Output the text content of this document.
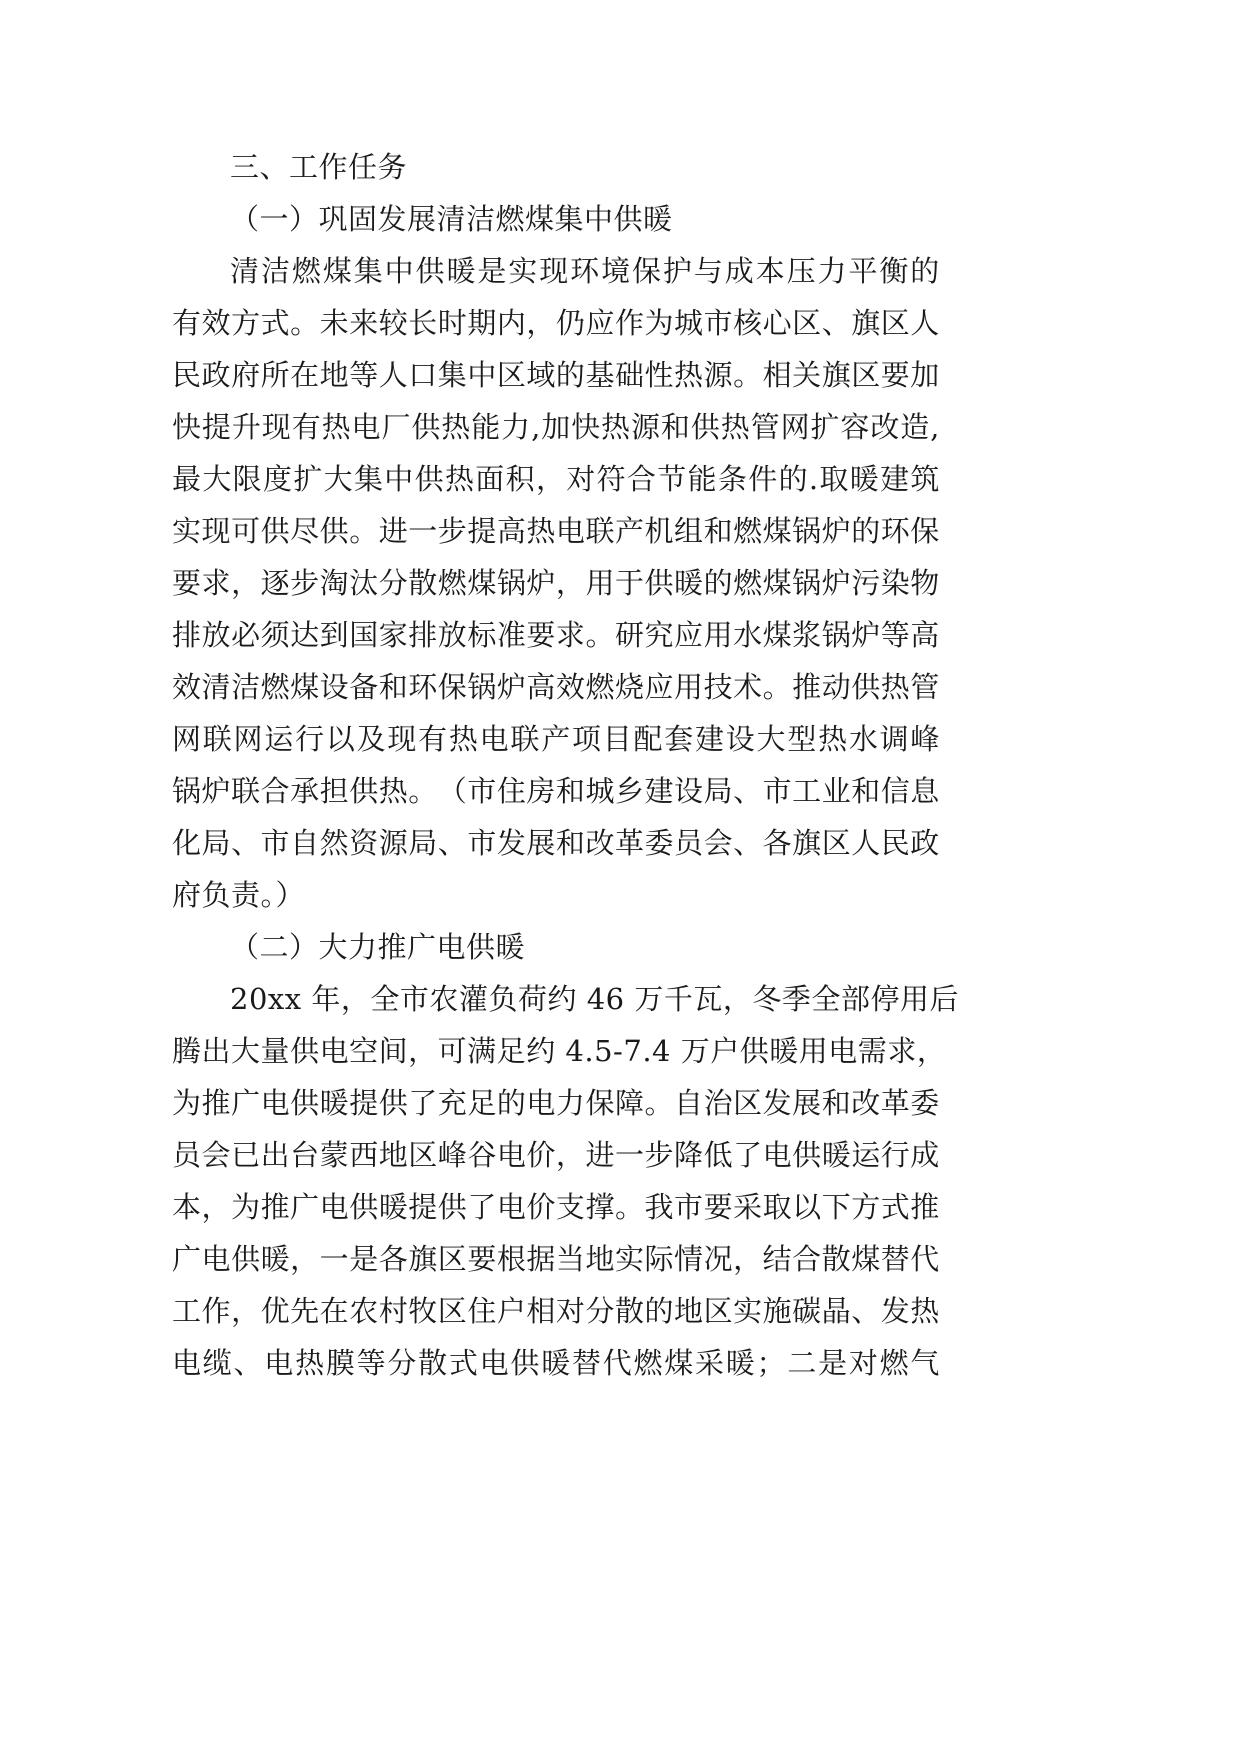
三、工作任务
（一）巩固发展清洁燃煤集中供暖
清 洁 燃 煤 集 中 供 暖 是 实 现 环 境 保 护 与 成 本 压 力 平 衡 的
有 效 方 式 。 未 来 较 长 时 期 内 ， 仍 应 作 为 城 市 核 心 区 、 旗 区 人
民 政 府 所 在 地 等 人 口 集 中 区 域 的 基 础 性 热 源 。 相 关 旗 区 要 加
快 提 升 现 有 热 电 厂 供 热 能 力 , 加 快 热 源 和 供 热 管 网 扩 容 改 造 ,
最 大 限 度 扩 大 集 中 供 热 面 积 ， 对 符 合 节 能 条 件 的 . 取 暖 建 筑
实 现 可 供 尽 供 。 进 一 步 提 高 热 电 联 产 机 组 和 燃 煤 锅 炉 的 环 保
要 求 ， 逐 步 淘 汰 分 散 燃 煤 锅 炉 ， 用 于 供 暖 的 燃 煤 锅 炉 污 染 物
排 放 必 须 达 到 国 家 排 放 标 准 要 求 。 研 究 应 用 水 煤 浆 锅 炉 等 高
效 清 洁 燃 煤 设 备 和 环 保 锅 炉 高 效 燃 烧 应 用 技 术 。 推 动 供 热 管
网 联 网 运 行 以 及 现 有 热 电 联 产 项 目 配 套 建 设 大 型 热 水 调 峰
锅 炉 联 合 承 担 供 热 。 （ 市 住 房 和 城 乡 建 设 局 、 市 工 业 和 信 息
化 局 、 市 自 然 资 源 局 、 市 发 展 和 改 革 委 员 会 、 各 旗 区 人 民 政
府负责。）
（二）大力推广电供暖
2 0 x x
年 ， 全 市 农 灌 负 荷 约
4 6
万 千 瓦 ， 冬 季 全 部 停 用 后
腾 出 大 量 供 电 空 间 ， 可 满 足 约
4 . 5 - 7 . 4
万 户 供 暖 用 电 需 求 ，
为 推 广 电 供 暖 提 供 了 充 足 的 电 力 保 障 。 自 治 区 发 展 和 改 革 委
员 会 已 出 台 蒙 西 地 区 峰 谷 电 价 ， 进 一 步 降 低 了 电 供 暖 运 行 成
本 ， 为 推 广 电 供 暖 提 供 了 电 价 支 撑 。 我 市 要 采 取 以 下 方 式 推
广 电 供 暖 ， 一 是 各 旗 区 要 根 据 当 地 实 际 情 况 ， 结 合 散 煤 替 代
工 作 ， 优 先 在 农 村 牧 区 住 户 相 对 分 散 的 地 区 实 施 碳 晶 、 发 热
电 缆 、 电 热 膜 等 分 散 式 电 供 暖 替 代 燃 煤 采 暖 ； 二 是 对 燃 气
